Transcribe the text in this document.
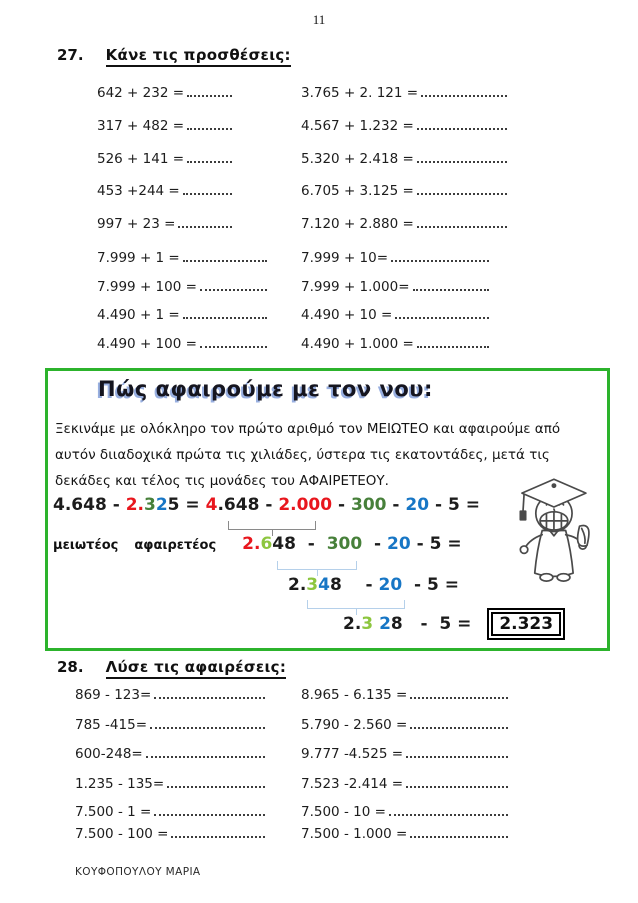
11
27. Κάνε τις προσθέσεις:
642 + 232 =	3.765 + 2. 121 =
317 + 482 =	4.567 + 1.232 =
526 + 141 =	5.320 + 2.418 =
453 +244 =	6.705 + 3.125 =
997 + 23 =	7.120 + 2.880 =
7.999 + 1 =	7.999 + 10=
7.999 + 100 =	7.999 + 1.000=
4.490 + 1 =	4.490 + 10 =
4.490 + 100 =	4.490 + 1.000 =
Πώς αφαιρούμε με τον νου:
Ξεκινάμε με ολόκληρο τον πρώτο αριθμό τον ΜΕΙΩΤΕΟ και αφαιρούμε από αυτόν διιαδοχικά πρώτα τις χιλιάδες, ύστερα τις εκατοντάδες, μετά τις δεκάδες και τέλος τις μονάδες του ΑΦΑΙΡΕΤΕΟΥ.
4.648 - 2. 3 2 5 = 4 .648 - 2.000 - 300 - 20 - 5 =
μειωτέος αφαιρετέος 2.648  -  300  - 20 - 5 =
2. 3 4 8 - 20 - 5 =
2.3 28   -  5 =	2.323
28. Λύσε τις αφαιρέσεις:
869 - 123=	8.965 - 6.135 =
785 -415=	5.790 - 2.560 =
600-248=	9.777 -4.525 =
1.235 - 135=	7.523 -2.414 =
7.500 - 1 =	7.500 - 10 =
7.500 - 100 =	7.500 - 1.000 =
ΚΟΥΦΟΠΟΥΛΟΥ ΜΑΡΙΑ
